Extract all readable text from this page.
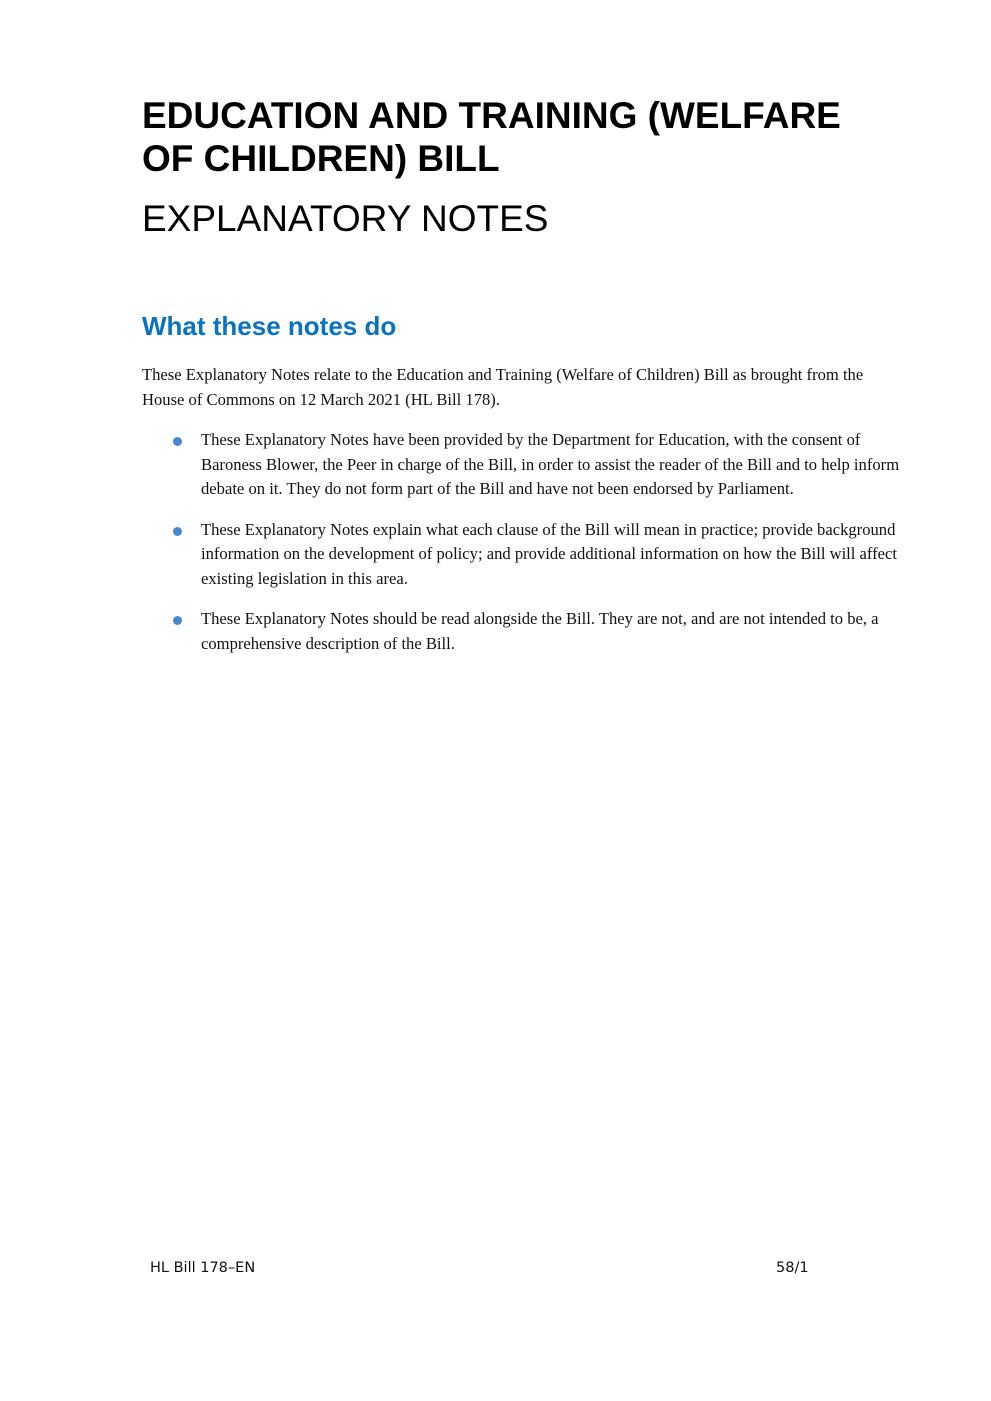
EDUCATION AND TRAINING (WELFARE OF CHILDREN) BILL
EXPLANATORY NOTES
What these notes do

These Explanatory Notes relate to the Education and Training (Welfare of Children) Bill as brought from the House of Commons on 12 March 2021 (HL Bill 178).

These Explanatory Notes have been provided by the Department for Education, with the consent of Baroness Blower, the Peer in charge of the Bill, in order to assist the reader of the Bill and to help inform debate on it. They do not form part of the Bill and have not been endorsed by Parliament.
These Explanatory Notes explain what each clause of the Bill will mean in practice; provide background information on the development of policy; and provide additional information on how the Bill will affect existing legislation in this area.
These Explanatory Notes should be read alongside the Bill. They are not, and are not intended to be, a comprehensive description of the Bill.
HL Bill 178–EN	58/1
